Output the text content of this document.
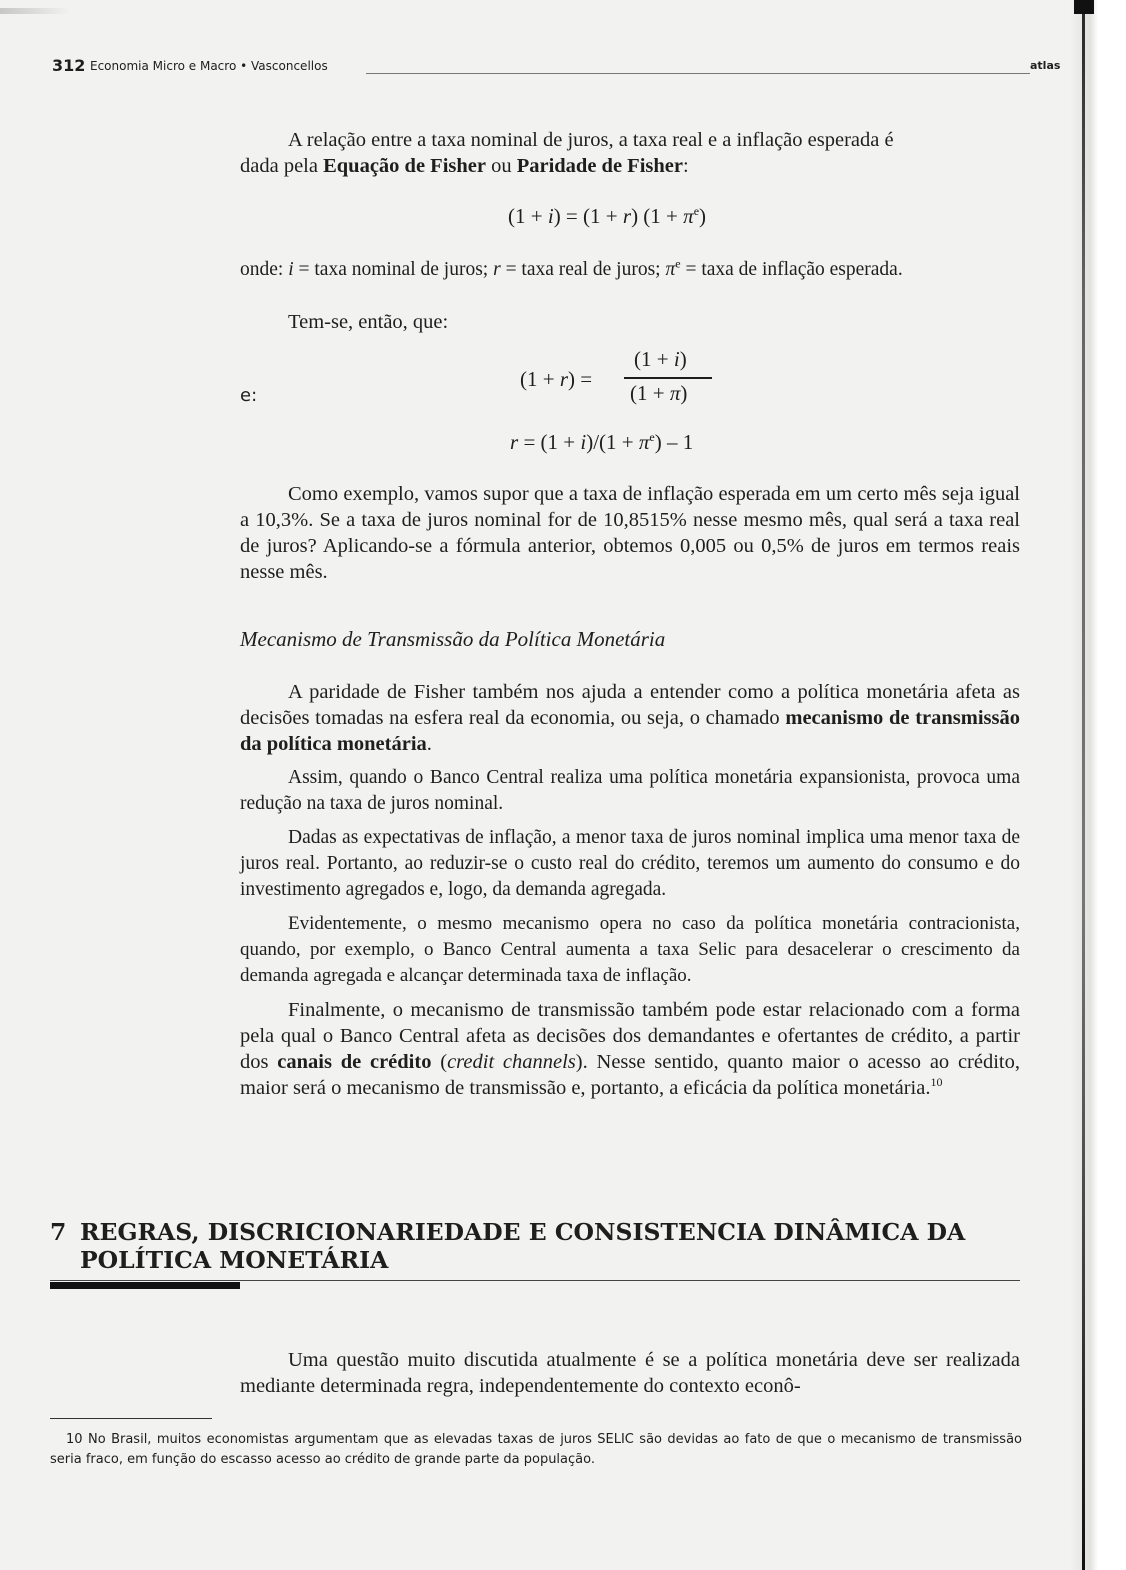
312 Economia Micro e Macro • Vasconcellos	atlas

A relação entre a taxa nominal de juros, a taxa real e a inflação esperada é
dada pela Equação de Fisher ou Paridade de Fisher:

(1 + i) = (1 + r) $(1 + \pi^e)$
onde: i = taxa nominal de juros; r = taxa real de juros; $\pi^e$ = taxa de inflação esperada.
Tem-se, então, que:
(1 + r) =
(1 + i)
(1 + π)
e:
$r = (1 + i)/(1 + \pi^e) - 1$

Como exemplo, vamos supor que a taxa de inflação esperada em um certo mês seja igual a 10,3%. Se a taxa de juros nominal for de 10,8515% nesse mesmo mês, qual será a taxa real de juros? Aplicando-se a fórmula anterior, obtemos 0,005 ou 0,5% de juros em termos reais nesse mês.

Mecanismo de Transmissão da Política Monetária

A paridade de Fisher também nos ajuda a entender como a política monetária afeta as decisões tomadas na esfera real da economia, ou seja, o chamado mecanismo de transmissão da política monetária.

Assim, quando o Banco Central realiza uma política monetária expansionista, provoca uma redução na taxa de juros nominal.

Dadas as expectativas de inflação, a menor taxa de juros nominal implica uma menor taxa de juros real. Portanto, ao reduzir-se o custo real do crédito, teremos um aumento do consumo e do investimento agregados e, logo, da demanda agregada.

Evidentemente, o mesmo mecanismo opera no caso da política monetária contracionista, quando, por exemplo, o Banco Central aumenta a taxa Selic para desacelerar o crescimento da demanda agregada e alcançar determinada taxa de inflação.

Finalmente, o mecanismo de transmissão também pode estar relacionado com a forma pela qual o Banco Central afeta as decisões dos demandantes e ofertantes de crédito, a partir dos canais de crédito (credit channels). Nesse sentido, quanto maior o acesso ao crédito, maior será o mecanismo de transmissão e, portanto, a eficácia da política monetária.$^{10}$

7 REGRAS, DISCRICIONARIEDADE E CONSISTENCIA DINÂMICA DA POLÍTICA MONETÁRIA

Uma questão muito discutida atualmente é se a política monetária deve ser realizada mediante determinada regra, independentemente do contexto econô-

10 No Brasil, muitos economistas argumentam que as elevadas taxas de juros SELIC são devidas ao fato de que o mecanismo de transmissão seria fraco, em função do escasso acesso ao crédito de grande parte da população.
